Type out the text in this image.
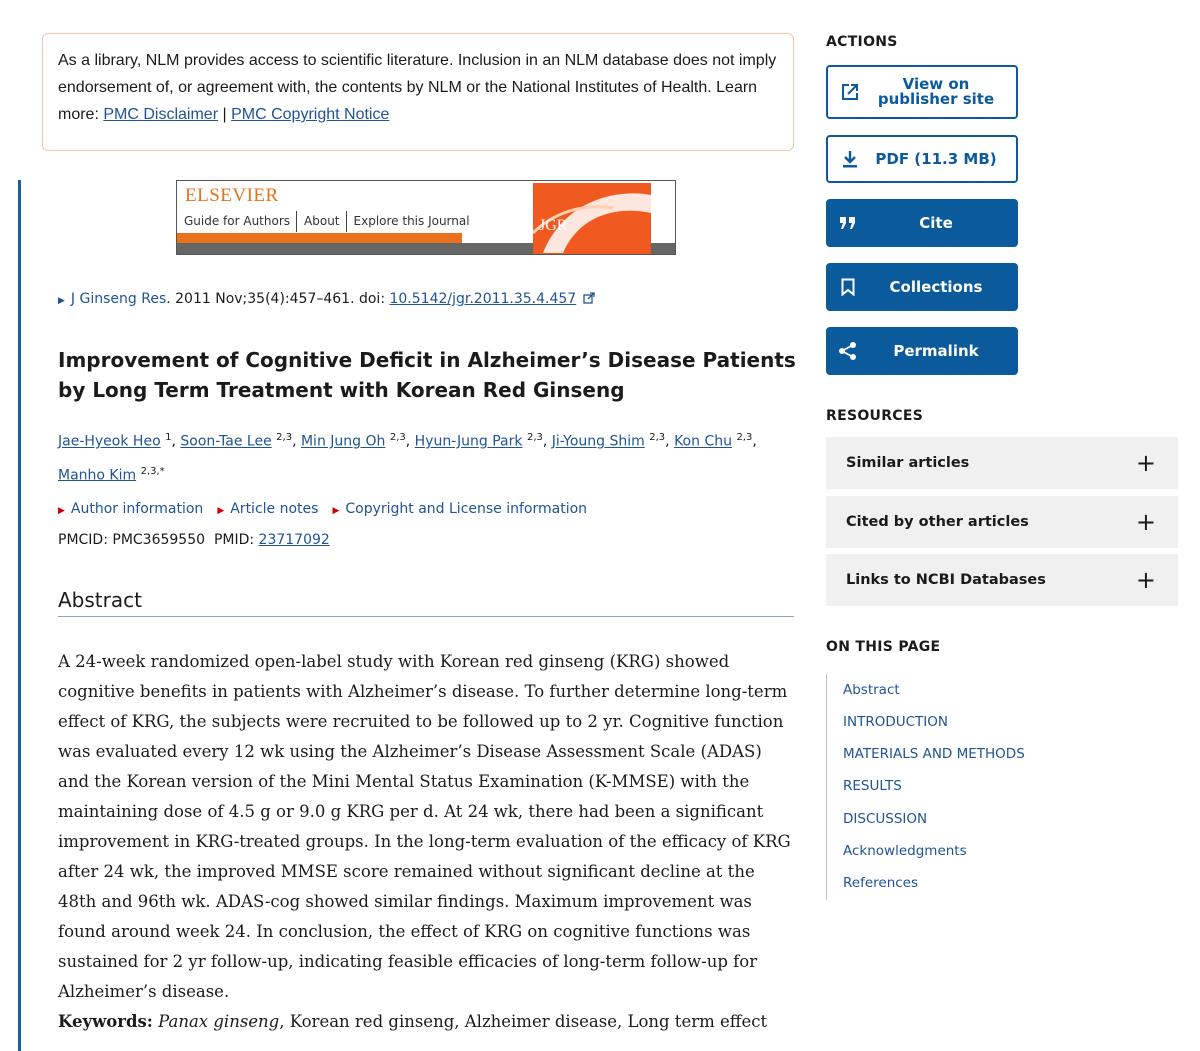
As a library, NLM provides access to scientific literature. Inclusion in an NLM database does not imply endorsement of, or agreement with, the contents by NLM or the National Institutes of Health. Learn more: PMC Disclaimer | PMC Copyright Notice
ELSEVIER
Guide for Authors	About	Explore this Journal	JGR
▶ J Ginseng Res. 2011 Nov;35(4):457–461. doi: 10.5142/jgr.2011.35.4.457
Improvement of Cognitive Deficit in Alzheimer’s Disease Patients by Long Term Treatment with Korean Red Ginseng
Jae-Hyeok Heo $^1$, Soon-Tae Lee $^{2,3}$, Min Jung Oh $^{2,3}$, Hyun-Jung Park $^{2,3}$, Ji-Young Shim $^{2,3}$, Kon Chu $^{2,3}$, Manho Kim $^{2,3,*}$
▶ Author information ▶ Article notes ▶ Copyright and License information
PMCID: PMC3659550 PMID: 23717092
Abstract

A 24-week randomized open-label study with Korean red ginseng (KRG) showed cognitive benefits in patients with Alzheimer’s disease. To further determine long-term effect of KRG, the subjects were recruited to be followed up to 2 yr. Cognitive function was evaluated every 12 wk using the Alzheimer’s Disease Assessment Scale (ADAS) and the Korean version of the Mini Mental Status Examination (K-MMSE) with the maintaining dose of 4.5 g or 9.0 g KRG per d. At 24 wk, there had been a significant improvement in KRG-treated groups. In the long-term evaluation of the efficacy of KRG after 24 wk, the improved MMSE score remained without significant decline at the 48th and 96th wk. ADAS-cog showed similar findings. Maximum improvement was found around week 24. In conclusion, the effect of KRG on cognitive functions was sustained for 2 yr follow-up, indicating feasible efficacies of long-term follow-up for Alzheimer’s disease.

Keywords: Panax ginseng, Korean red ginseng, Alzheimer disease, Long term effect
ACTIONS
View on publisher site
PDF (11.3 MB)
Cite
Collections
Permalink
RESOURCES
Similar articles	+
Cited by other articles	+
Links to NCBI Databases	+
ON THIS PAGE
Abstract
INTRODUCTION
MATERIALS AND METHODS
RESULTS
DISCUSSION
Acknowledgments
References
